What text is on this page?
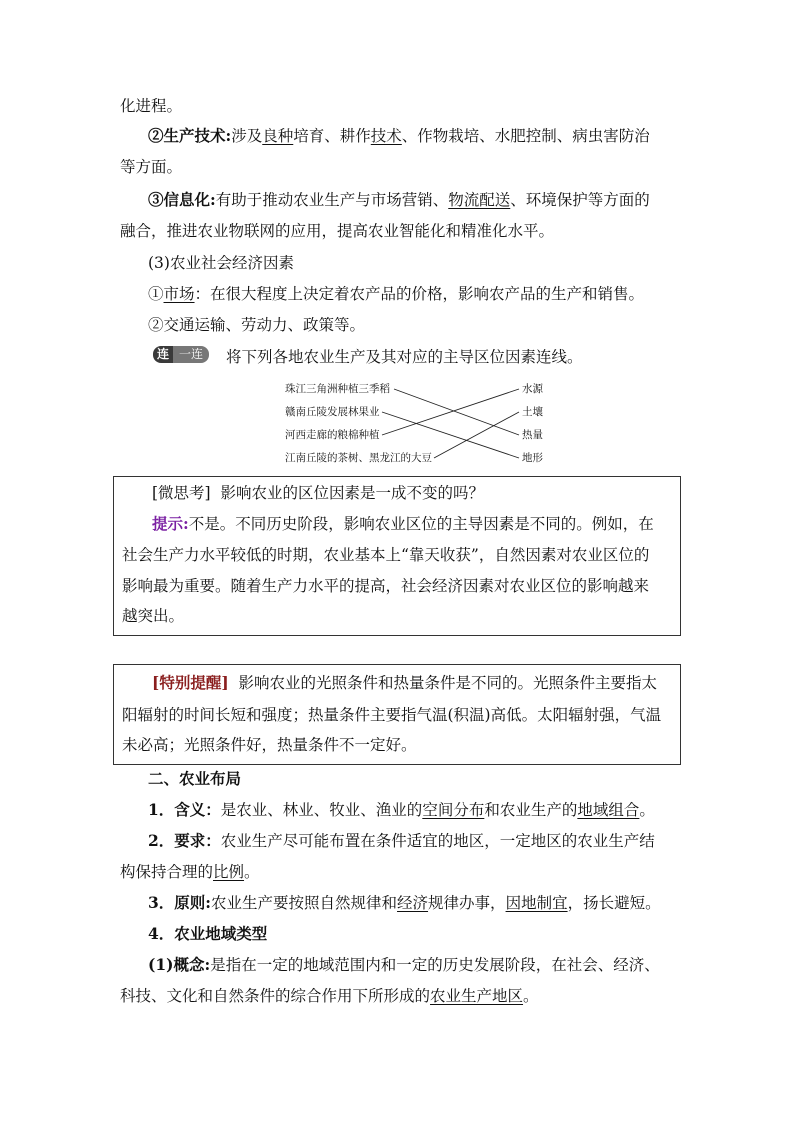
化进程。
②生产技术:涉及良种培育、耕作技术、作物栽培、水肥控制、病虫害防治
等方面。
③信息化:有助于推动农业生产与市场营销、物流配送、环境保护等方面的
融合，推进农业物联网的应用，提高农业智能化和精准化水平。
(3)农业社会经济因素
①市场：在很大程度上决定着农产品的价格，影响农产品的生产和销售。
②交通运输、劳动力、政策等。
连 一连	将下列各地农业生产及其对应的主导区位因素连线。
珠江三角洲种植三季稻
赣南丘陵发展林果业
河西走廊的粮棉种植
江南丘陵的茶树、黑龙江的大豆
水源
土壤
热量
地形
[微思考] 影响农业的区位因素是一成不变的吗？
提示:不是。不同历史阶段，影响农业区位的主导因素是不同的。例如，在
社会生产力水平较低的时期，农业基本上“靠天收获”，自然因素对农业区位的
影响最为重要。随着生产力水平的提高，社会经济因素对农业区位的影响越来
越突出。
[特别提醒] 影响农业的光照条件和热量条件是不同的。光照条件主要指太
阳辐射的时间长短和强度；热量条件主要指气温(积温)高低。太阳辐射强，气温
未必高；光照条件好，热量条件不一定好。
二、农业布局
1．含义：是农业、林业、牧业、渔业的空间分布和农业生产的地域组合。
2．要求：农业生产尽可能布置在条件适宜的地区，一定地区的农业生产结
构保持合理的比例。
3．原则:农业生产要按照自然规律和经济规律办事，因地制宜，扬长避短。
4．农业地域类型
(1)概念:是指在一定的地域范围内和一定的历史发展阶段，在社会、经济、
科技、文化和自然条件的综合作用下所形成的农业生产地区。
